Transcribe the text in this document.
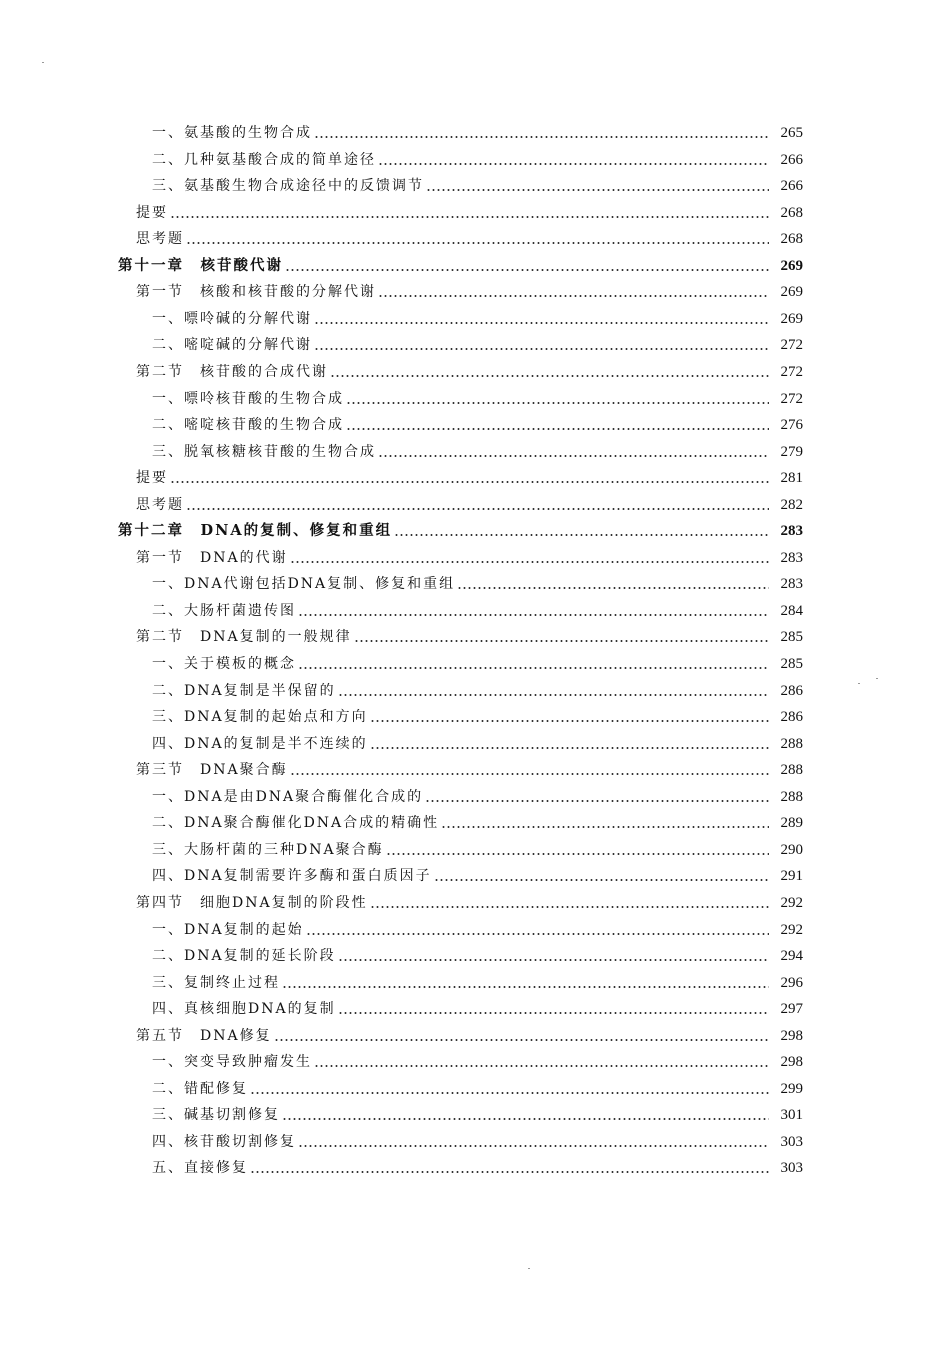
一、氨基酸的生物合成	265
二、几种氨基酸合成的简单途径	266
三、氨基酸生物合成途径中的反馈调节	266
提要	268
思考题	268
第十一章　核苷酸代谢	269
第一节　核酸和核苷酸的分解代谢	269
一、嘌呤碱的分解代谢	269
二、嘧啶碱的分解代谢	272
第二节　核苷酸的合成代谢	272
一、嘌呤核苷酸的生物合成	272
二、嘧啶核苷酸的生物合成	276
三、脱氧核糖核苷酸的生物合成	279
提要	281
思考题	282
第十二章　DNA的复制、修复和重组	283
第一节　DNA的代谢	283
一、DNA代谢包括DNA复制、修复和重组	283
二、大肠杆菌遗传图	284
第二节　DNA复制的一般规律	285
一、关于模板的概念	285
二、DNA复制是半保留的	286
三、DNA复制的起始点和方向	286
四、DNA的复制是半不连续的	288
第三节　DNA聚合酶	288
一、DNA是由DNA聚合酶催化合成的	288
二、DNA聚合酶催化DNA合成的精确性	289
三、大肠杆菌的三种DNA聚合酶	290
四、DNA复制需要许多酶和蛋白质因子	291
第四节　细胞DNA复制的阶段性	292
一、DNA复制的起始	292
二、DNA复制的延长阶段	294
三、复制终止过程	296
四、真核细胞DNA的复制	297
第五节　DNA修复	298
一、突变导致肿瘤发生	298
二、错配修复	299
三、碱基切割修复	301
四、核苷酸切割修复	303
五、直接修复	303
